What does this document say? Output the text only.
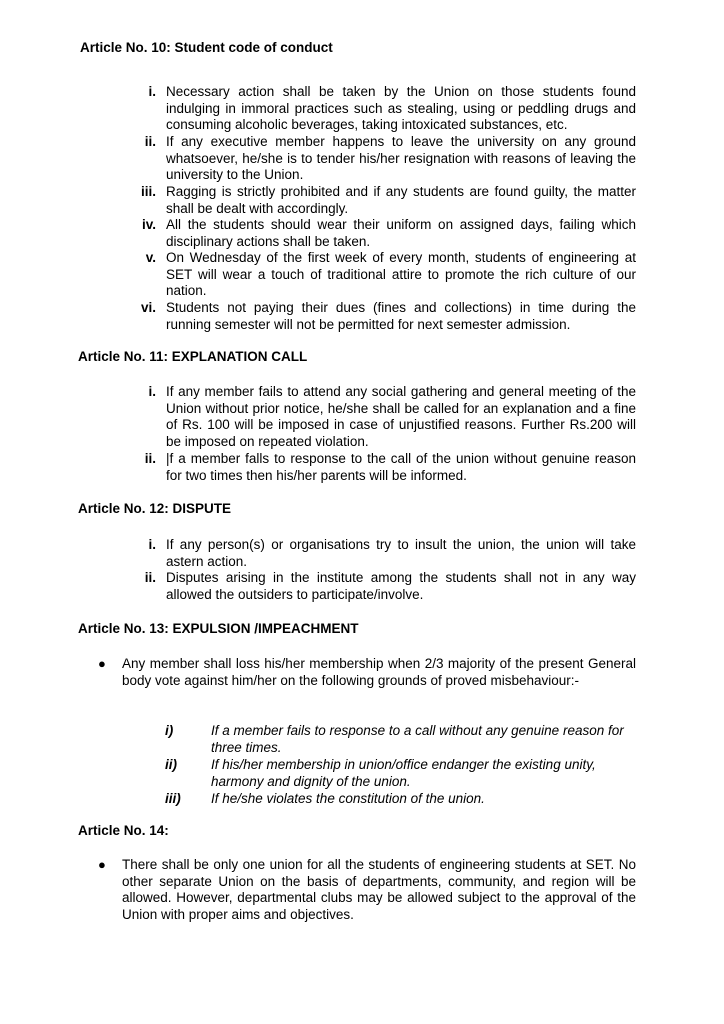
Article No. 10: Student code of conduct
i. Necessary action shall be taken by the Union on those students found indulging in immoral practices such as stealing, using or peddling drugs and consuming alcoholic beverages, taking intoxicated substances, etc.
ii. If any executive member happens to leave the university on any ground whatsoever, he/she is to tender his/her resignation with reasons of leaving the university to the Union.
iii. Ragging is strictly prohibited and if any students are found guilty, the matter shall be dealt with accordingly.
iv. All the students should wear their uniform on assigned days, failing which disciplinary actions shall be taken.
v. On Wednesday of the first week of every month, students of engineering at SET will wear a touch of traditional attire to promote the rich culture of our nation.
vi. Students not paying their dues (fines and collections) in time during the running semester will not be permitted for next semester admission.
Article No. 11: EXPLANATION CALL
i. If any member fails to attend any social gathering and general meeting of the Union without prior notice, he/she shall be called for an explanation and a fine of Rs. 100 will be imposed in case of unjustified reasons. Further Rs.200 will be imposed on repeated violation.
ii. |f a member falls to response to the call of the union without genuine reason for two times then his/her parents will be informed.
Article No. 12: DISPUTE
i. If any person(s) or organisations try to insult the union, the union will take astern action.
ii. Disputes arising in the institute among the students shall not in any way allowed the outsiders to participate/involve.
Article No. 13: EXPULSION /IMPEACHMENT
● Any member shall loss his/her membership when 2/3 majority of the present General body vote against him/her on the following grounds of proved misbehaviour:-
i)	If a member fails to response to a call without any genuine reason for three times.
ii)	If his/her membership in union/office endanger the existing unity, harmony and dignity of the union.
iii) If he/she violates the constitution of the union.
Article No. 14:
● There shall be only one union for all the students of engineering students at SET. No other separate Union on the basis of departments, community, and region will be allowed. However, departmental clubs may be allowed subject to the approval of the Union with proper aims and objectives.
